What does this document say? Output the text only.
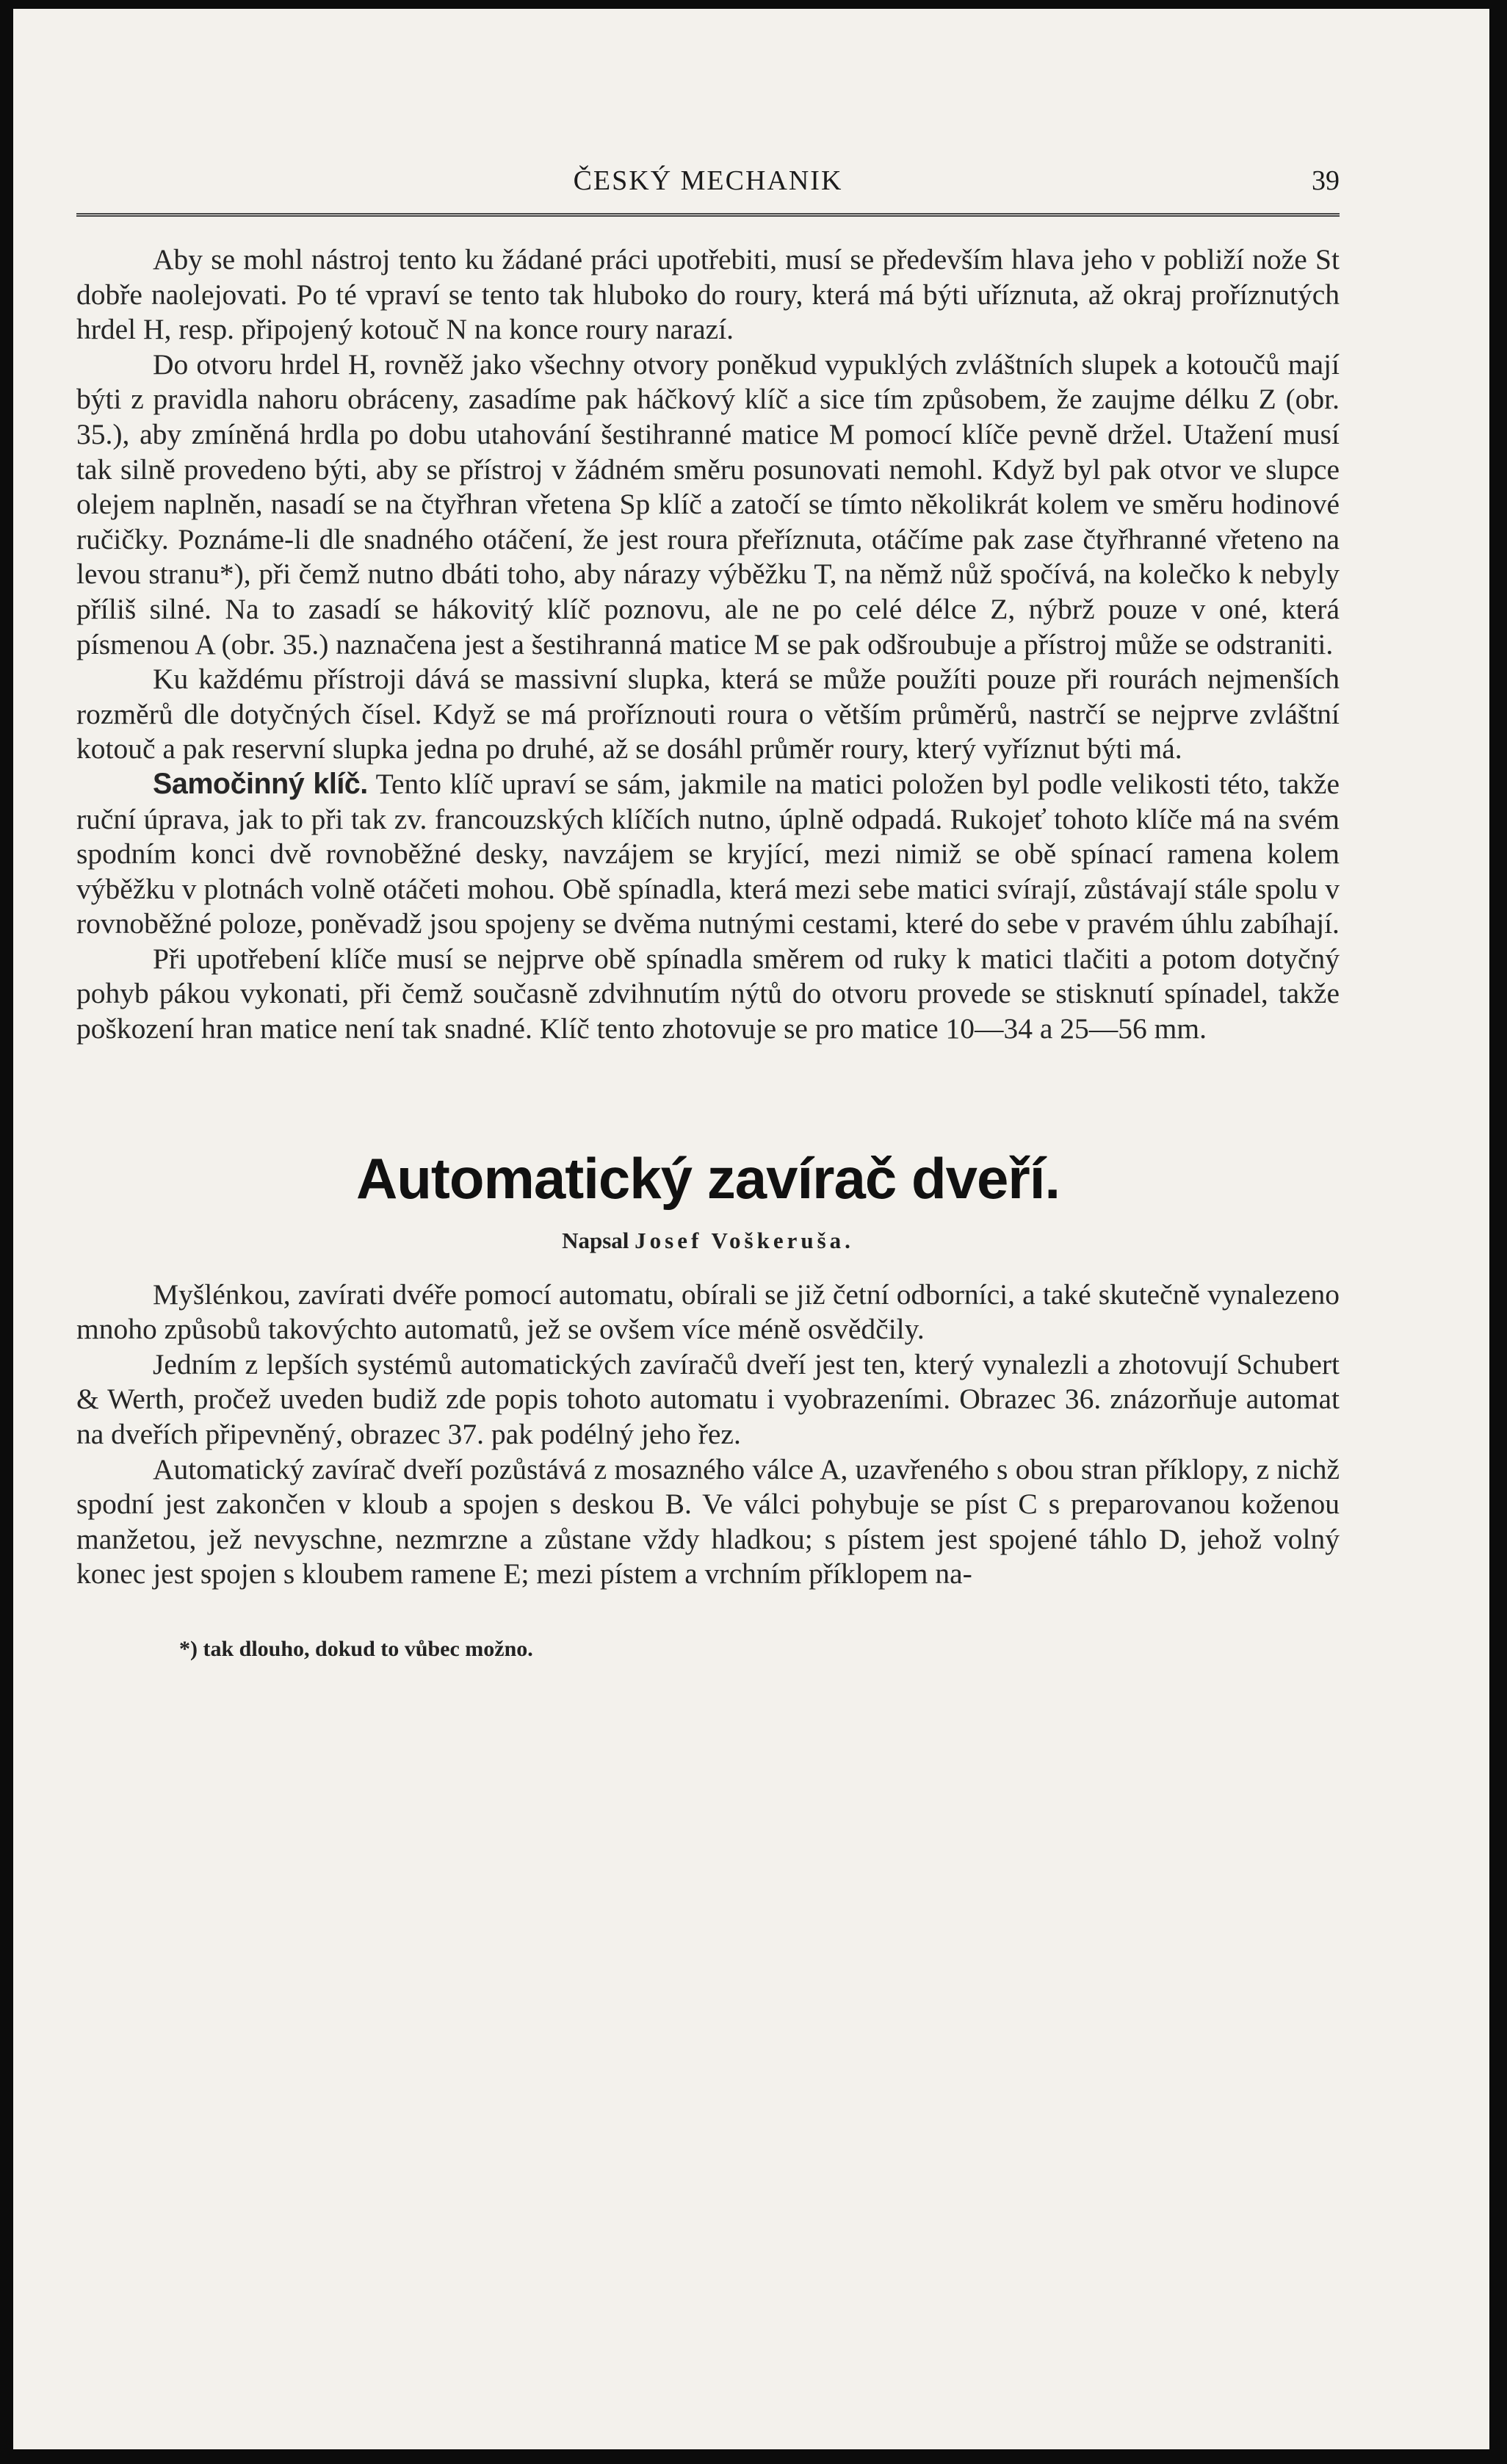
ČESKÝ MECHANIK	39

Aby se mohl nástroj tento ku žádané práci upotřebiti, musí se především hlava jeho v pobliží nože St dobře naolejovati. Po té vpraví se tento tak hluboko do roury, která má býti uříznuta, až okraj proříznutých hrdel H, resp. připojený kotouč N na konce roury narazí.

Do otvoru hrdel H, rovněž jako všechny otvory poněkud vypuklých zvláštních slupek a kotoučů mají býti z pravidla nahoru obráceny, zasadíme pak háčkový klíč a sice tím způsobem, že zaujme délku Z (obr. 35.), aby zmíněná hrdla po dobu utahování šestihranné matice M pomocí klíče pevně držel. Utažení musí tak silně provedeno býti, aby se přístroj v žádném směru posunovati nemohl. Když byl pak otvor ve slupce olejem naplněn, nasadí se na čtyřhran vřetena Sp klíč a zatočí se tímto několikrát kolem ve směru hodinové ručičky. Poznáme-li dle snadného otáčení, že jest roura přeříznuta, otáčíme pak zase čtyřhranné vřeteno na levou stranu*), při čemž nutno dbáti toho, aby nárazy výběžku T, na němž nůž spočívá, na kolečko k nebyly příliš silné. Na to zasadí se hákovitý klíč poznovu, ale ne po celé délce Z, nýbrž pouze v oné, která písmenou A (obr. 35.) naznačena jest a šestihranná matice M se pak odšroubuje a přístroj může se odstraniti.

Ku každému přístroji dává se massivní slupka, která se může použíti pouze při rourách nejmenších rozměrů dle dotyčných čísel. Když se má proříznouti roura o větším průměrů, nastrčí se nejprve zvláštní kotouč a pak reservní slupka jedna po druhé, až se dosáhl průměr roury, který vyříznut býti má.

Samočinný klíč. Tento klíč upraví se sám, jakmile na matici položen byl podle velikosti této, takže ruční úprava, jak to při tak zv. francouzských klíčích nutno, úplně odpadá. Rukojeť tohoto klíče má na svém spodním konci dvě rovnoběžné desky, navzájem se kryjící, mezi nimiž se obě spínací ramena kolem výběžku v plotnách volně otáčeti mohou. Obě spínadla, která mezi sebe matici svírají, zůstávají stále spolu v rovnoběžné poloze, poněvadž jsou spojeny se dvěma nutnými cestami, které do sebe v pravém úhlu zabíhají.

Při upotřebení klíče musí se nejprve obě spínadla směrem od ruky k matici tlačiti a potom dotyčný pohyb pákou vykonati, při čemž současně zdvihnutím nýtů do otvoru provede se stisknutí spínadel, takže poškození hran matice není tak snadné. Klíč tento zhotovuje se pro matice 10—34 a 25—56 mm.

Automatický zavírač dveří.
Napsal Josef Voškeruša.

Myšlénkou, zavírati dvéře pomocí automatu, obírali se již četní odborníci, a také skutečně vynalezeno mnoho způsobů takovýchto automatů, jež se ovšem více méně osvědčily.

Jedním z lepších systémů automatických zavíračů dveří jest ten, který vynalezli a zhotovují Schubert & Werth, pročež uveden budiž zde popis tohoto automatu i vyobrazeními. Obrazec 36. znázorňuje automat na dveřích připevněný, obrazec 37. pak podélný jeho řez.

Automatický zavírač dveří pozůstává z mosazného válce A, uzavřeného s obou stran příklopy, z nichž spodní jest zakončen v kloub a spojen s deskou B. Ve válci pohybuje se píst C s preparovanou koženou manžetou, jež nevyschne, nezmrzne a zůstane vždy hladkou; s pístem jest spojené táhlo D, jehož volný konec jest spojen s kloubem ramene E; mezi pístem a vrchním příklopem na-

*) tak dlouho, dokud to vůbec možno.
